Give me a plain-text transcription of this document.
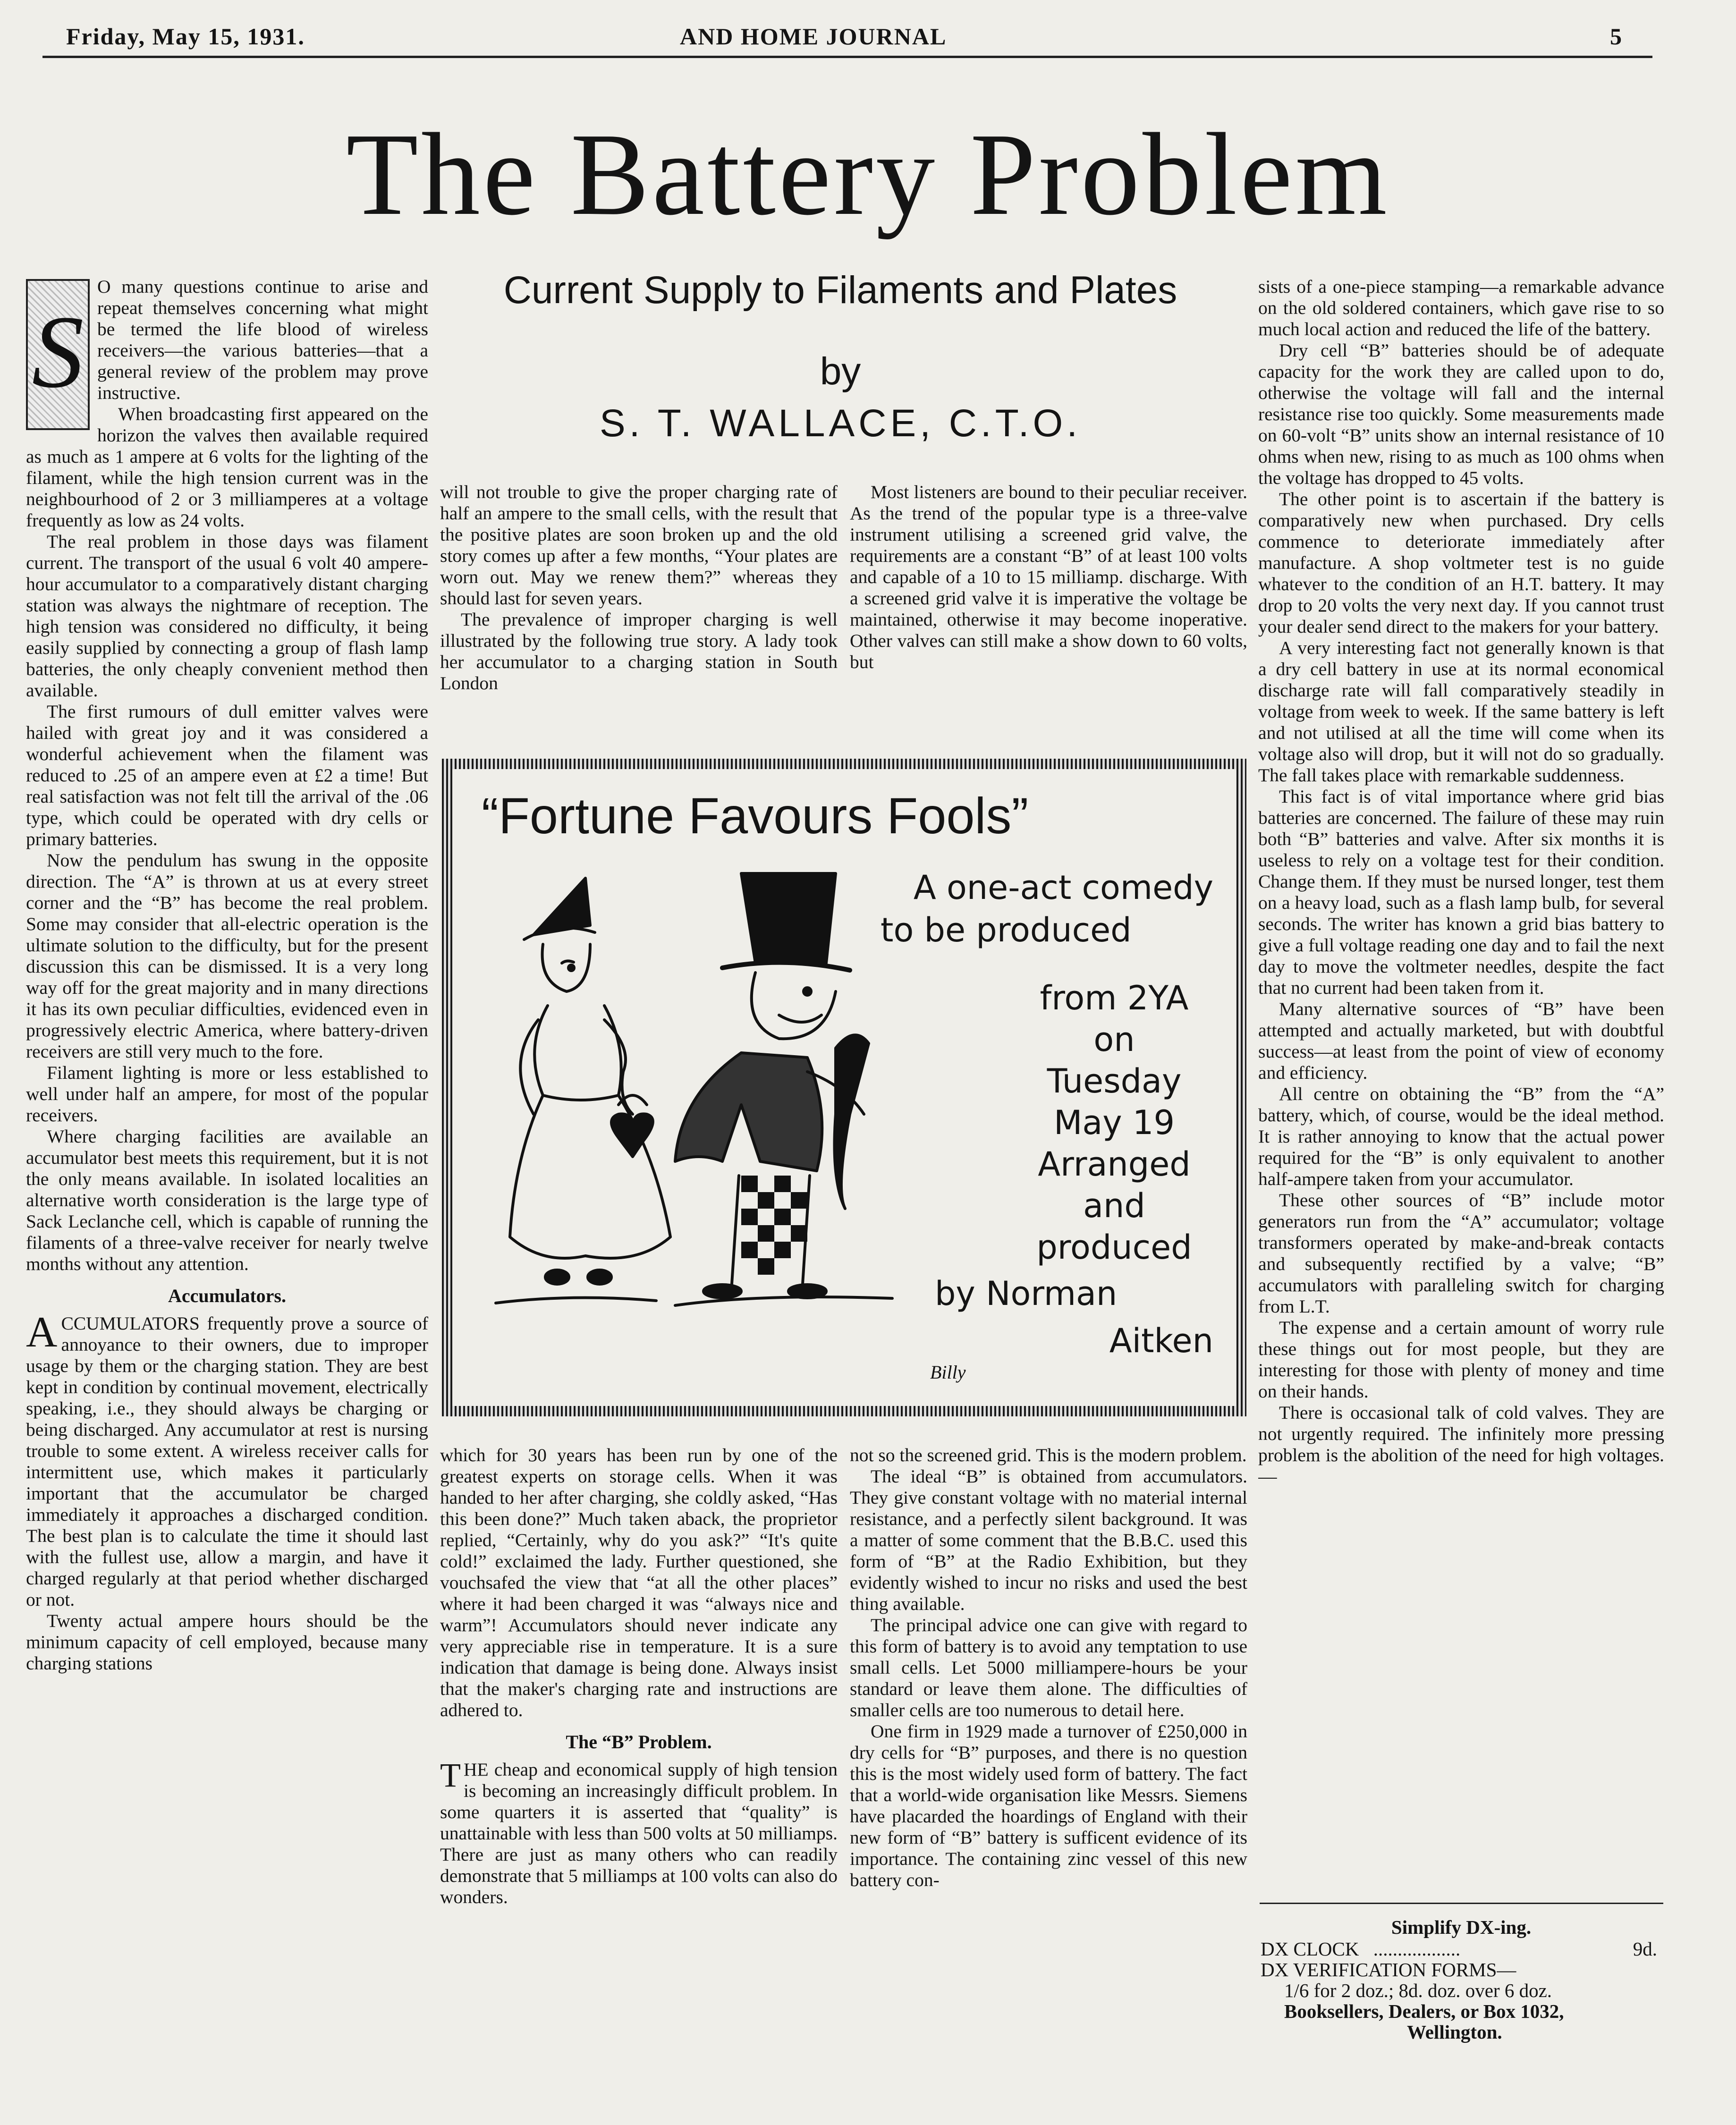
Friday, May 15, 1931.	AND HOME JOURNAL	5
The Battery Problem
Current Supply to Filaments and Plates
by
S. T. WALLACE, C.T.O.
S

O many questions continue to arise and repeat themselves concerning what might be termed the life blood of wireless receivers—the various batteries—that a general review of the problem may prove instructive.

When broadcasting first appeared on the horizon the valves then available required as much as 1 ampere at 6 volts for the lighting of the filament, while the high tension current was in the neighbourhood of 2 or 3 milliamperes at a voltage frequently as low as 24 volts.

The real problem in those days was filament current. The transport of the usual 6 volt 40 ampere-hour accumulator to a comparatively distant charging station was always the nightmare of reception. The high tension was considered no difficulty, it being easily supplied by connecting a group of flash lamp batteries, the only cheaply convenient method then available.

The first rumours of dull emitter valves were hailed with great joy and it was considered a wonderful achievement when the filament was reduced to .25 of an ampere even at £2 a time! But real satisfaction was not felt till the arrival of the .06 type, which could be operated with dry cells or primary batteries.

Now the pendulum has swung in the opposite direction. The “A” is thrown at us at every street corner and the “B” has become the real problem. Some may consider that all-electric operation is the ultimate solution to the difficulty, but for the present discussion this can be dismissed. It is a very long way off for the great majority and in many directions it has its own peculiar difficulties, evidenced even in progressively electric America, where battery-driven receivers are still very much to the fore.

Filament lighting is more or less established to well under half an ampere, for most of the popular receivers.

Where charging facilities are available an accumulator best meets this requirement, but it is not the only means available. In isolated localities an alternative worth consideration is the large type of Sack Leclanche cell, which is capable of running the filaments of a three-valve receiver for nearly twelve months without any attention.

Accumulators.
A CCUMULATORS frequently prove a source of annoyance to their owners, due to improper usage by them or the charging station. They are best kept in condition by continual movement, electrically speaking, i.e., they should always be charging or being discharged. Any accumulator at rest is nursing trouble to some extent. A wireless receiver calls for intermittent use, which makes it particularly important that the accumulator be charged immediately it approaches a discharged condition. The best plan is to calculate the time it should last with the fullest use, allow a margin, and have it charged regularly at that period whether discharged or not.

Twenty actual ampere hours should be the minimum capacity of cell employed, because many charging stations

will not trouble to give the proper charging rate of half an ampere to the small cells, with the result that the positive plates are soon broken up and the old story comes up after a few months, “Your plates are worn out. May we renew them?” whereas they should last for seven years.

The prevalence of improper charging is well illustrated by the following true story. A lady took her accumulator to a charging station in South London

Most listeners are bound to their peculiar receiver. As the trend of the popular type is a three-valve instrument utilising a screened grid valve, the requirements are a constant “B” of at least 100 volts and capable of a 10 to 15 milliamp. discharge. With a screened grid valve it is imperative the voltage be maintained, otherwise it may become inoperative. Other valves can still make a show down to 60 volts, but

“Fortune Favours Fools”
A one-act comedy
to be produced
from 2YA
on
Tuesday
May 19
Arranged
and
produced
by Norman
Aitken
Billy

which for 30 years has been run by one of the greatest experts on storage cells. When it was handed to her after charging, she coldly asked, “Has this been done?” Much taken aback, the proprietor replied, “Certainly, why do you ask?” “It's quite cold!” exclaimed the lady. Further questioned, she vouchsafed the view that “at all the other places” where it had been charged it was “always nice and warm”! Accumulators should never indicate any very appreciable rise in temperature. It is a sure indication that damage is being done. Always insist that the maker's charging rate and instructions are adhered to.

The “B” Problem.
T HE cheap and economical supply of high tension is becoming an increasingly difficult problem. In some quarters it is asserted that “quality” is unattainable with less than 500 volts at 50 milliamps. There are just as many others who can readily demonstrate that 5 milliamps at 100 volts can also do wonders.

not so the screened grid. This is the modern problem.

The ideal “B” is obtained from accumulators. They give constant voltage with no material internal resistance, and a perfectly silent background. It was a matter of some comment that the B.B.C. used this form of “B” at the Radio Exhibition, but they evidently wished to incur no risks and used the best thing available.

The principal advice one can give with regard to this form of battery is to avoid any temptation to use small cells. Let 5000 milliampere-hours be your standard or leave them alone. The difficulties of smaller cells are too numerous to detail here.

One firm in 1929 made a turnover of £250,000 in dry cells for “B” purposes, and there is no question this is the most widely used form of battery. The fact that a world-wide organisation like Messrs. Siemens have placarded the hoardings of England with their new form of “B” battery is sufficent evidence of its importance. The containing zinc vessel of this new battery con-

sists of a one-piece stamping—a remarkable advance on the old soldered containers, which gave rise to so much local action and reduced the life of the battery.

Dry cell “B” batteries should be of adequate capacity for the work they are called upon to do, otherwise the voltage will fall and the internal resistance rise too quickly. Some measurements made on 60-volt “B” units show an internal resistance of 10 ohms when new, rising to as much as 100 ohms when the voltage has dropped to 45 volts.

The other point is to ascertain if the battery is comparatively new when purchased. Dry cells commence to deteriorate immediately after manufacture. A shop voltmeter test is no guide whatever to the condition of an H.T. battery. It may drop to 20 volts the very next day. If you cannot trust your dealer send direct to the makers for your battery.

A very interesting fact not generally known is that a dry cell battery in use at its normal economical discharge rate will fall comparatively steadily in voltage from week to week. If the same battery is left and not utilised at all the time will come when its voltage also will drop, but it will not do so gradually. The fall takes place with remarkable suddenness.

This fact is of vital importance where grid bias batteries are concerned. The failure of these may ruin both “B” batteries and valve. After six months it is useless to rely on a voltage test for their condition. Change them. If they must be nursed longer, test them on a heavy load, such as a flash lamp bulb, for several seconds. The writer has known a grid bias battery to give a full voltage reading one day and to fail the next day to move the voltmeter needles, despite the fact that no current had been taken from it.

Many alternative sources of “B” have been attempted and actually marketed, but with doubtful success—at least from the point of view of economy and efficiency.

All centre on obtaining the “B” from the “A” battery, which, of course, would be the ideal method. It is rather annoying to know that the actual power required for the “B” is only equivalent to another half-ampere taken from your accumulator.

These other sources of “B” include motor generators run from the “A” accumulator; voltage transformers operated by make-and-break contacts and subsequently rectified by a valve; “B” accumulators with paralleling switch for charging from L.T.

The expense and a certain amount of worry rule these things out for most people, but they are interesting for those with plenty of money and time on their hands.

There is occasional talk of cold valves. They are not urgently required. The infinitely more pressing problem is the abolition of the need for high voltages.—

Simplify DX-ing.
DX CLOCK ..................	9d.
DX VERIFICATION FORMS—
1/6 for 2 doz.; 8d. doz. over 6 doz.
Booksellers, Dealers, or Box 1032,
Wellington.
